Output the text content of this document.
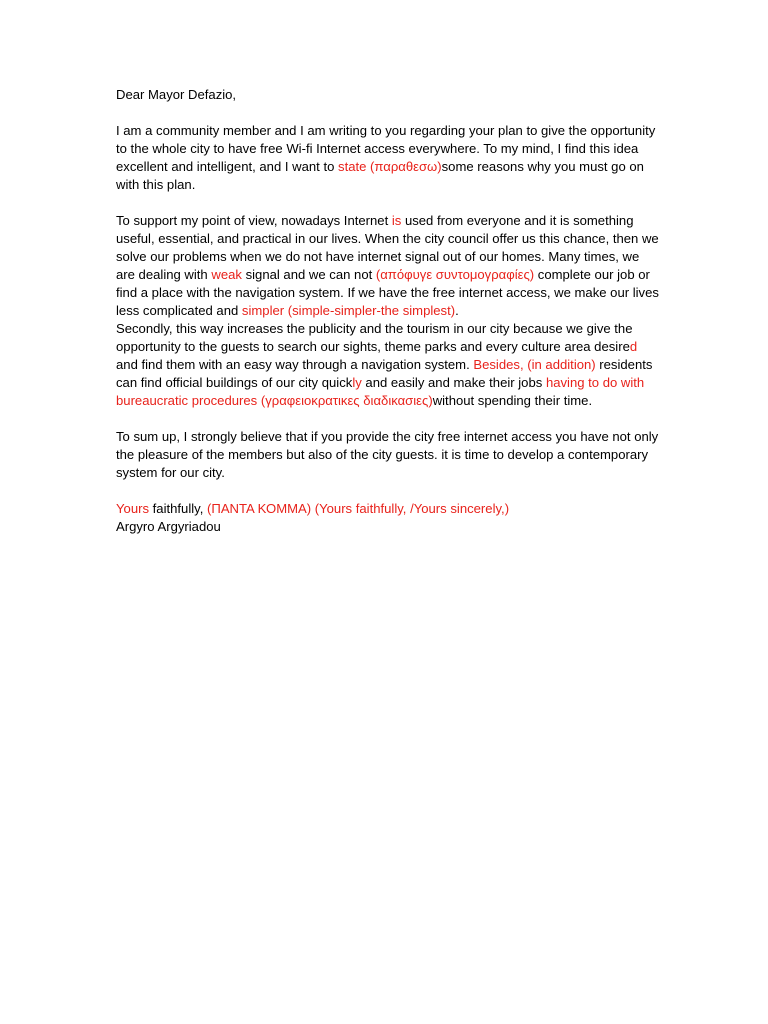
Dear Mayor Defazio,

I am a community member and I am writing to you regarding your plan to give the opportunity to the whole city to have free Wi-fi Internet access everywhere. To my mind, I find this idea excellent and intelligent, and I want to state (παραθεσω)some reasons why you must go on with this plan.

To support my point of view, nowadays Internet is used from everyone and it is something useful, essential, and practical in our lives. When the city council offer us this chance, then we solve our problems when we do not have internet signal out of our homes. Many times, we are dealing with weak signal and we can not (απόφυγε συντομογραφίες) complete our job or find a place with the navigation system. If we have the free internet access, we make our lives less complicated and simpler (simple-simpler-the simplest).

Secondly, this way increases the publicity and the tourism in our city because we give the opportunity to the guests to search our sights, theme parks and every culture area desired and find them with an easy way through a navigation system. Besides, (in addition) residents can find official buildings of our city quickly and easily and make their jobs having to do with bureaucratic procedures (γραφειοκρατικες διαδικασιες)without spending their time.

To sum up, I strongly believe that if you provide the city free internet access you have not only the pleasure of the members but also of the city guests. it is time to develop a contemporary system for our city.

Yours faithfully, (ΠΑΝΤΑ ΚΟΜΜΑ) (Yours faithfully, /Yours sincerely,)

Argyro Argyriadou
